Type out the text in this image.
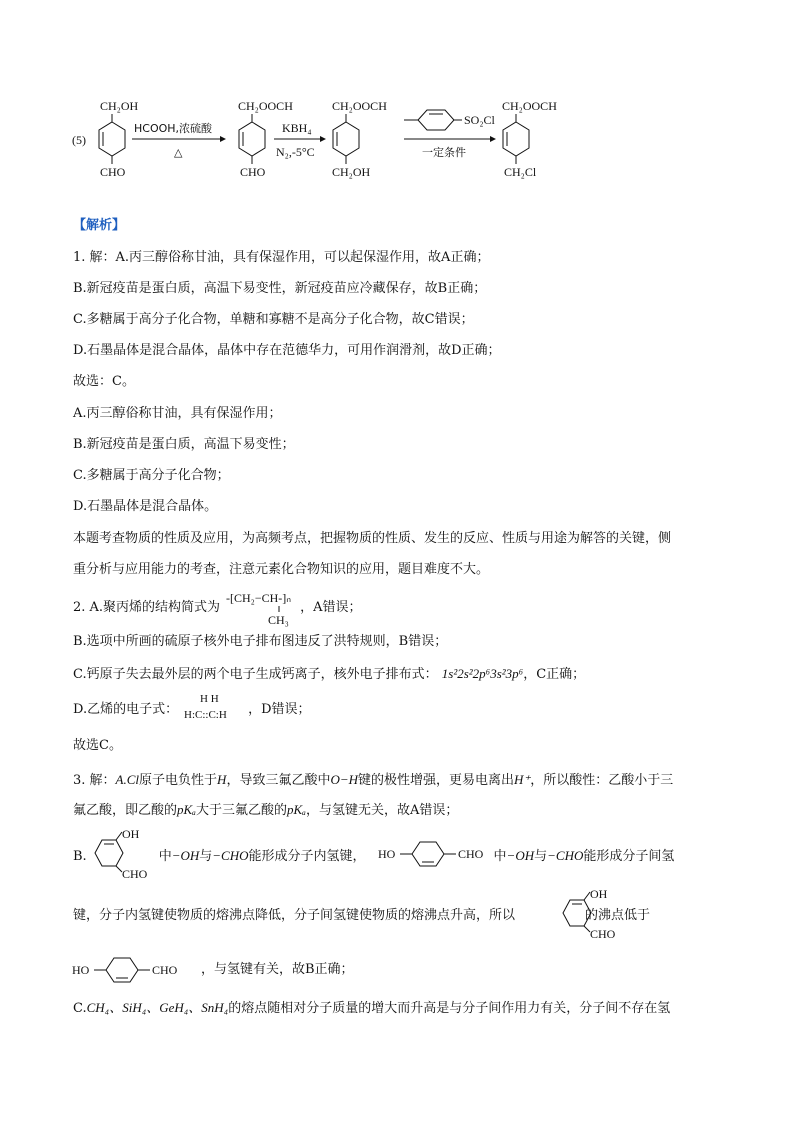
(5)
CH₂OH
CHO
HCOOH,浓硫酸
△
CH₂OOCH
CHO
KBH₄
N₂,-5°C
CH₂OOCH
CH₂OH
SO₂Cl
一定条件
CH₂OOCH
CH₂Cl
【解析】
1. 解：A.丙三醇俗称甘油，具有保湿作用，可以起保湿作用，故A正确；
B.新冠疫苗是蛋白质，高温下易变性，新冠疫苗应冷藏保存，故B正确；
C.多糖属于高分子化合物，单糖和寡糖不是高分子化合物，故C错误；
D.石墨晶体是混合晶体，晶体中存在范德华力，可用作润滑剂，故D正确；
故选：C。
A.丙三醇俗称甘油，具有保湿作用；
B.新冠疫苗是蛋白质，高温下易变性；
C.多糖属于高分子化合物；
D.石墨晶体是混合晶体。
本题考查物质的性质及应用，为高频考点，把握物质的性质、发生的反应、性质与用途为解答的关键，侧
重分析与应用能力的考查，注意元素化合物知识的应用，题目难度不大。
2. A.聚丙烯的结构简式为	，A错误；
-[CH₂−CH-]ₙ
CH₃
B.选项中所画的硫原子核外电子排布图违反了洪特规则，B错误；
C.钙原子失去最外层的两个电子生成钙离子，核外电子排布式： 1s²2s²2p⁶3s²3p⁶，C正确；
D.乙烯的电子式：	，D错误；
H H
H:C::C:H
故选C。
3. 解：A.Cl原子电负性于H，导致三氟乙酸中O−H键的极性增强，更易电离出H⁺，所以酸性：乙酸小于三
氟乙酸，即乙酸的pKₐ大于三氟乙酸的pKₐ，与氢键无关，故A错误；
B.	中−OH与−CHO能形成分子内氢键，	中−OH与−CHO能形成分子间氢
OH
CHO
HO	CHO
键，分子内氢键使物质的熔沸点降低，分子间氢键使物质的熔沸点升高，所以	的沸点低于
OH
CHO
，与氢键有关，故B正确；
HO	CHO
C.CH₄、SiH₄、GeH₄、SnH₄的熔点随相对分子质量的增大而升高是与分子间作用力有关，分子间不存在氢
